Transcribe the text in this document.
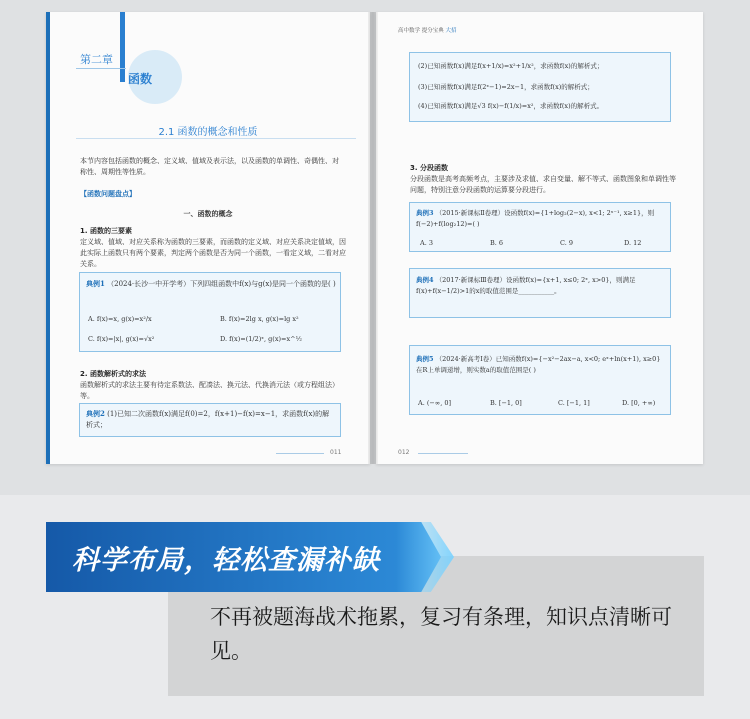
第二章
函数
2.1 函数的概念和性质
本节内容包括函数的概念、定义域、值域及表示法，以及函数的单调性、奇偶性、对称性、周期性等性质。
【函数问题盘点】
一、函数的概念
1. 函数的三要素
定义域、值域、对应关系称为函数的三要素，而函数的定义域、对应关系决定值域，因此实际上函数只有两个要素，判定两个函数是否为同一个函数，一看定义域，二看对应关系。
典例1 （2024·长沙一中开学考）下列四组函数中f(x)与g(x)是同一个函数的是( )
A. f(x)=x, g(x)=x²/x	B. f(x)=2lg x, g(x)=lg x²
C. f(x)=|x|, g(x)=√x²	D. f(x)=(1/2)ˣ, g(x)=x^½
2. 函数解析式的求法
函数解析式的求法主要有待定系数法、配凑法、换元法、代换消元法（或方程组法）等。
典例2 (1)已知二次函数f(x)满足f(0)=2，f(x+1)−f(x)=x−1，求函数f(x)的解析式；
011
高中数学 提分宝典 大招
(2)已知函数f(x)满足f(x+1/x)=x²+1/x²，求函数f(x)的解析式；
(3)已知函数f(x)满足f(2ˣ−1)=2x−1，求函数f(x)的解析式；
(4)已知函数f(x)满足√3 f(x)−f(1/x)=x²，求函数f(x)的解析式。
3. 分段函数
分段函数是高考高频考点，主要涉及求值、求自变量、解不等式、函数图象和单调性等问题，特别注意分段函数的运算要分段进行。
典例3 （2015·新课标Ⅱ卷理）设函数f(x)={1+log₂(2−x), x<1; 2ˣ⁻¹, x≥1}，则 f(−2)+f(log₂12)=( )
A. 3	B. 6	C. 9	D. 12
典例4 （2017·新课标Ⅲ卷理）设函数f(x)={x+1, x≤0; 2ˣ, x>0}，则满足f(x)+f(x−1/2)>1的x的取值范围是___________。
典例5 （2024·新高考Ⅰ卷）已知函数f(x)={−x²−2ax−a, x<0; eˣ+ln(x+1), x≥0}在R上单调递增，则实数a的取值范围是( )
A. (−∞, 0]	B. [−1, 0]	C. [−1, 1]	D. [0, +∞)
012
科学布局，轻松查漏补缺
不再被题海战术拖累，复习有条理，知识点清晰可见。
